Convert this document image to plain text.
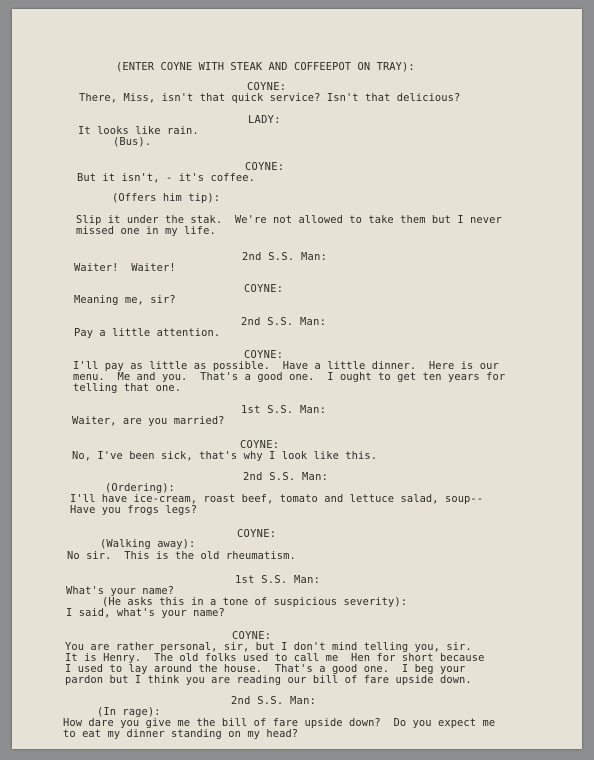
(ENTER COYNE WITH STEAK AND COFFEEPOT ON TRAY):
COYNE:
There, Miss, isn't that quick service? Isn't that delicious?
LADY:
It looks like rain.
(Bus).
COYNE:
But it isn't, - it's coffee.
(Offers him tip):
Slip it under the stak.  We're not allowed to take them but I never
missed one in my life.
2nd S.S. Man:
Waiter!  Waiter!
COYNE:
Meaning me, sir?
2nd S.S. Man:
Pay a little attention.
COYNE:
I'll pay as little as possible.  Have a little dinner.  Here is our
menu.  Me and you.  That's a good one.  I ought to get ten years for
telling that one.
1st S.S. Man:
Waiter, are you married?
COYNE:
No, I've been sick, that's why I look like this.
2nd S.S. Man:
(Ordering):
I'll have ice-cream, roast beef, tomato and lettuce salad, soup--
Have you frogs legs?
COYNE:
(Walking away):
No sir.  This is the old rheumatism.
1st S.S. Man:
What's your name?
(He asks this in a tone of suspicious severity):
I said, what's your name?
COYNE:
You are rather personal, sir, but I don't mind telling you, sir.
It is Henry.  The old folks used to call me  Hen for short because
I used to lay around the house.  That's a good one.  I beg your
pardon but I think you are reading our bill of fare upside down.
2nd S.S. Man:
(In rage):
How dare you give me the bill of fare upside down?  Do you expect me
to eat my dinner standing on my head?
